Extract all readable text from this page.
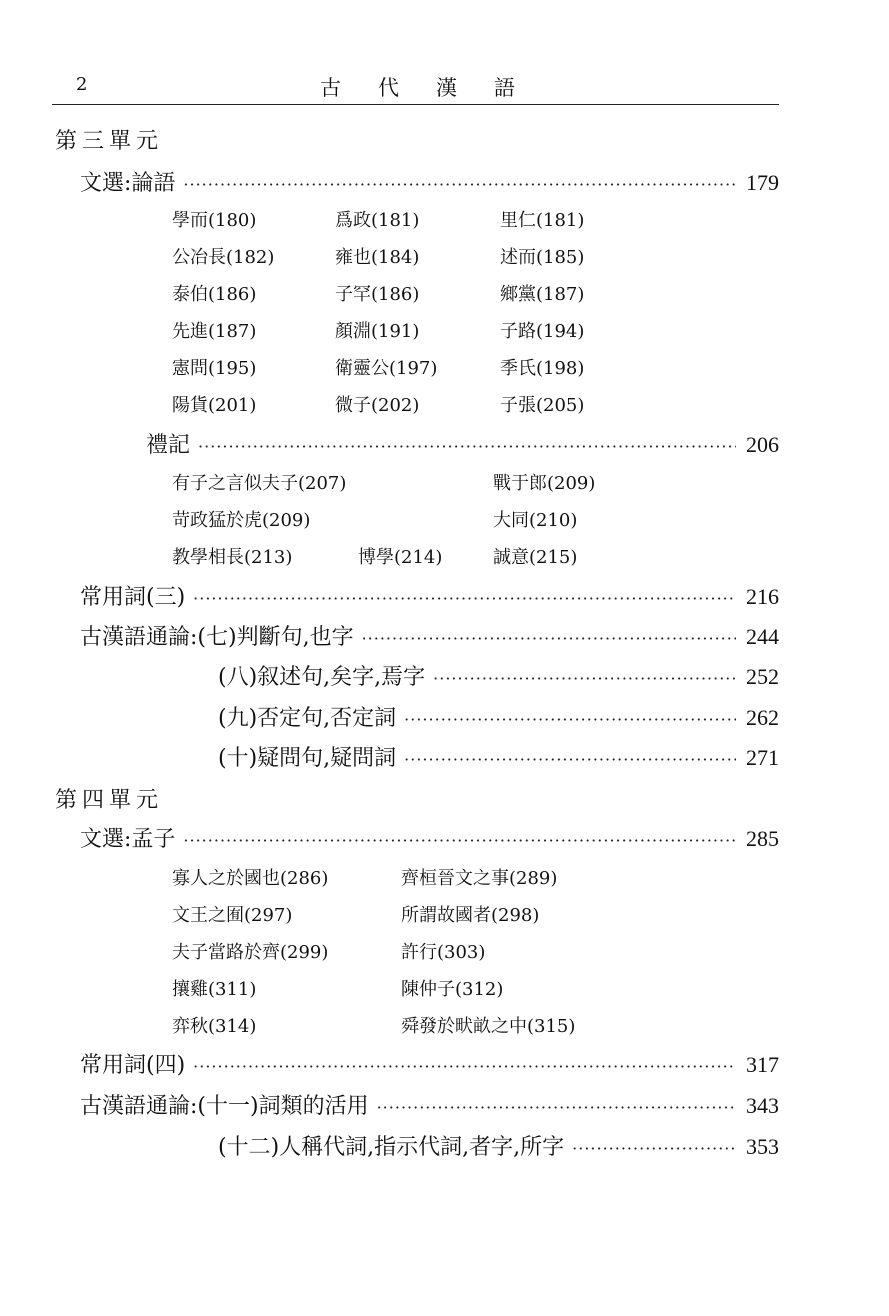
2	古代漢語
第三單元
文選:論語 ·····	179
學而(180)	爲政(181)	里仁(181)
公冶長(182)	雍也(184)	述而(185)
泰伯(186)	子罕(186)	鄉黨(187)
先進(187)	顏淵(191)	子路(194)
憲問(195)	衛靈公(197)	季氏(198)
陽貨(201)	微子(202)	子張(205)
禮記 ·····	206
有子之言似夫子(207)	戰于郎(209)
苛政猛於虎(209)	大同(210)
教學相長(213)	博學(214)	誠意(215)
常用詞(三) ·····	216
古漢語通論:(七)判斷句,也字 ·····	244
(八)叙述句,矣字,焉字 ·····	252
(九)否定句,否定詞 ·····	262
(十)疑問句,疑問詞 ·····	271
第四單元
文選:孟子 ·····	285
寡人之於國也(286)	齊桓晉文之事(289)
文王之囿(297)	所謂故國者(298)
夫子當路於齊(299)	許行(303)
攘雞(311)	陳仲子(312)
弈秋(314)	舜發於畎畝之中(315)
常用詞(四) ·····	317
古漢語通論:(十一)詞類的活用 ·····	343
(十二)人稱代詞,指示代詞,者字,所字 ·····	353
